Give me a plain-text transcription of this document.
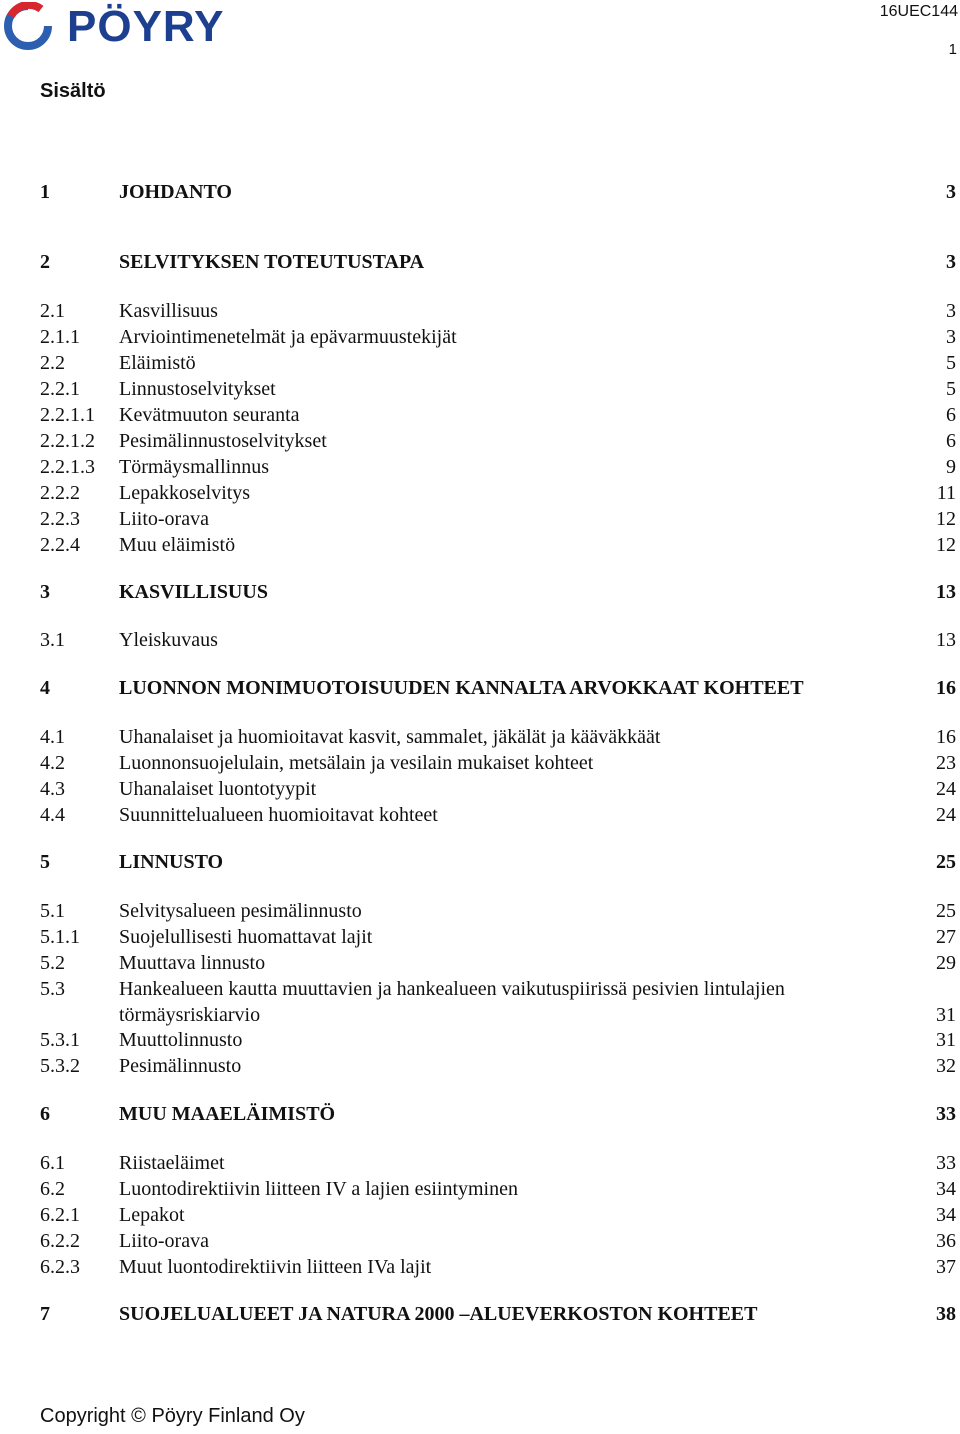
PÖYRY	16UEC144
1
Sisältö
1	JOHDANTO	3
2	SELVITYKSEN TOTEUTUSTAPA	3
2.1	Kasvillisuus	3
2.1.1 Arviointimenetelmät ja epävarmuustekijät	3
2.2	Eläimistö	5
2.2.1 Linnustoselvitykset	5
2.2.1.1 Kevätmuuton seuranta	6
2.2.1.2 Pesimälinnustoselvitykset	6
2.2.1.3 Törmäysmallinnus	9
2.2.2 Lepakkoselvitys	11
2.2.3 Liito-orava	12
2.2.4 Muu eläimistö	12
3	KASVILLISUUS	13
3.1	Yleiskuvaus	13
4	LUONNON MONIMUOTOISUUDEN KANNALTA ARVOKKAAT KOHTEET	16
4.1	Uhanalaiset ja huomioitavat kasvit, sammalet, jäkälät ja kääväkkäät	16
4.2	Luonnonsuojelulain, metsälain ja vesilain mukaiset kohteet	23
4.3	Uhanalaiset luontotyypit	24
4.4	Suunnittelualueen huomioitavat kohteet	24
5	LINNUSTO	25
5.1	Selvitysalueen pesimälinnusto	25
5.1.1 Suojelullisesti huomattavat lajit	27
5.2	Muuttava linnusto	29
5.3	Hankealueen kautta muuttavien ja hankealueen vaikutuspiirissä pesivien lintulajien
törmäysriskiarvio	31
5.3.1 Muuttolinnusto	31
5.3.2 Pesimälinnusto	32
6	MUU MAAELÄIMISTÖ	33
6.1	Riistaeläimet	33
6.2	Luontodirektiivin liitteen IV a lajien esiintyminen	34
6.2.1 Lepakot	34
6.2.2 Liito-orava	36
6.2.3 Muut luontodirektiivin liitteen IVa lajit	37
7	SUOJELUALUEET JA NATURA 2000 –ALUEVERKOSTON KOHTEET	38
Copyright © Pöyry Finland Oy
